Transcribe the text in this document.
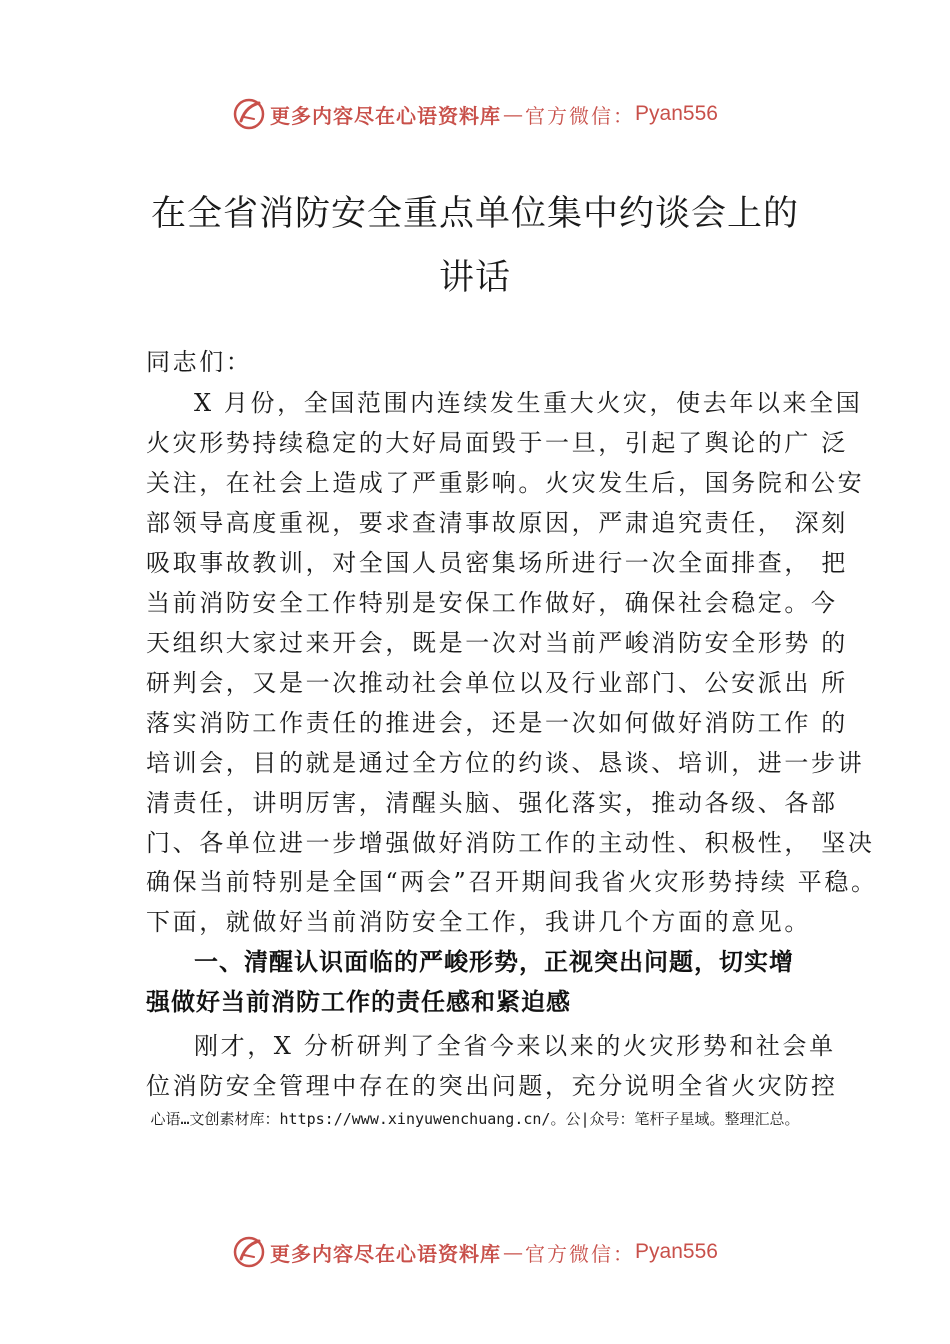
更多内容尽在心语资料库 — 官方微信： Pyan556
在全省消防安全重点单位集中约谈会上的
讲话
同志们：
X 月份，全国范围内连续发生重大火灾，使去年以来全国
火灾形势持续稳定的大好局面毁于一旦，引起了舆论的广 泛
关注，在社会上造成了严重影响。火灾发生后，国务院和公安
部领导高度重视，要求查清事故原因，严肃追究责任， 深刻
吸取事故教训，对全国人员密集场所进行一次全面排查， 把
当前消防安全工作特别是安保工作做好，确保社会稳定。今
天组织大家过来开会，既是一次对当前严峻消防安全形势 的
研判会，又是一次推动社会单位以及行业部门、公安派出 所
落实消防工作责任的推进会，还是一次如何做好消防工作 的
培训会，目的就是通过全方位的约谈、恳谈、培训，进一步讲
清责任，讲明厉害，清醒头脑、强化落实，推动各级、各部
门、各单位进一步增强做好消防工作的主动性、积极性， 坚决
确保当前特别是全国“两会”召开期间我省火灾形势持续 平稳。
下面，就做好当前消防安全工作，我讲几个方面的意见。
一、清醒认识面临的严峻形势，正视突出问题，切实增
强做好当前消防工作的责任感和紧迫感
刚才，X 分析研判了全省今来以来的火灾形势和社会单
位消防安全管理中存在的突出问题，充分说明全省火灾防控
心语…文创素材库：https://www.xinyuwenchuang.cn/。公|众号：笔杆子星域。整理汇总。
更多内容尽在心语资料库 — 官方微信： Pyan556
